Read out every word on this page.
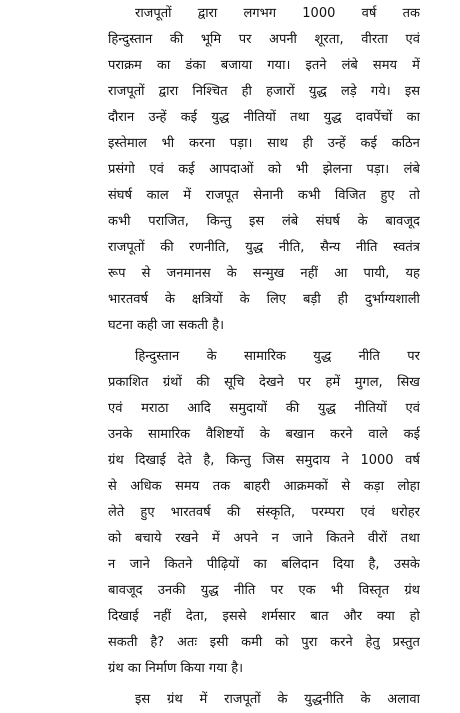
राजपूतों द्वारा लगभग 1000 वर्ष तक
हिन्दुस्तान की भूमि पर अपनी शूरता, वीरता एवं
पराक्रम का डंका बजाया गया। इतने लंबे समय में
राजपूतों द्वारा निश्चित ही हजारों युद्ध लड़े गये। इस
दौरान उन्हें कई युद्ध नीतियों तथा युद्ध दावपेंचों का
इस्तेमाल भी करना पड़ा। साथ ही उन्हें कई कठिन
प्रसंगो एवं कई आपदाओं को भी झेलना पड़ा। लंबे
संघर्ष काल में राजपूत सेनानी कभी विजित हुए तो
कभी पराजित, किन्तु इस लंबे संघर्ष के बावजूद
राजपूतों की रणनीति, युद्ध नीति, सैन्य नीति स्वतंत्र
रूप से जनमानस के सन्मुख नहीं आ पायी, यह
भारतवर्ष के क्षत्रियों के लिए बड़ी ही दुर्भाग्यशाली
घटना कही जा सकती है।
हिन्दुस्तान के सामारिक युद्ध नीति पर
प्रकाशित ग्रंथों की सूचि देखने पर हमें मुगल, सिख
एवं मराठा आदि समुदायों की युद्ध नीतियों एवं
उनके सामारिक वैशिष्टयों के बखान करने वाले कई
ग्रंथ दिखाई देते है, किन्तु जिस समुदाय ने 1000 वर्ष
से अधिक समय तक बाहरी आक्रमकों से कड़ा लोहा
लेते हुए भारतवर्ष की संस्कृति, परम्परा एवं धरोहर
को बचाये रखने में अपने न जाने कितने वीरों तथा
न जाने कितने पीढ़ियों का बलिदान दिया है, उसके
बावजूद उनकी युद्ध नीति पर एक भी विस्तृत ग्रंथ
दिखाई नहीं देता, इससे शर्मसार बात और क्या हो
सकती है? अतः इसी कमी को पुरा करने हेतु प्रस्तुत
ग्रंथ का निर्माण किया गया है।
इस ग्रंथ में राजपूतों के युद्धनीति के अलावा
